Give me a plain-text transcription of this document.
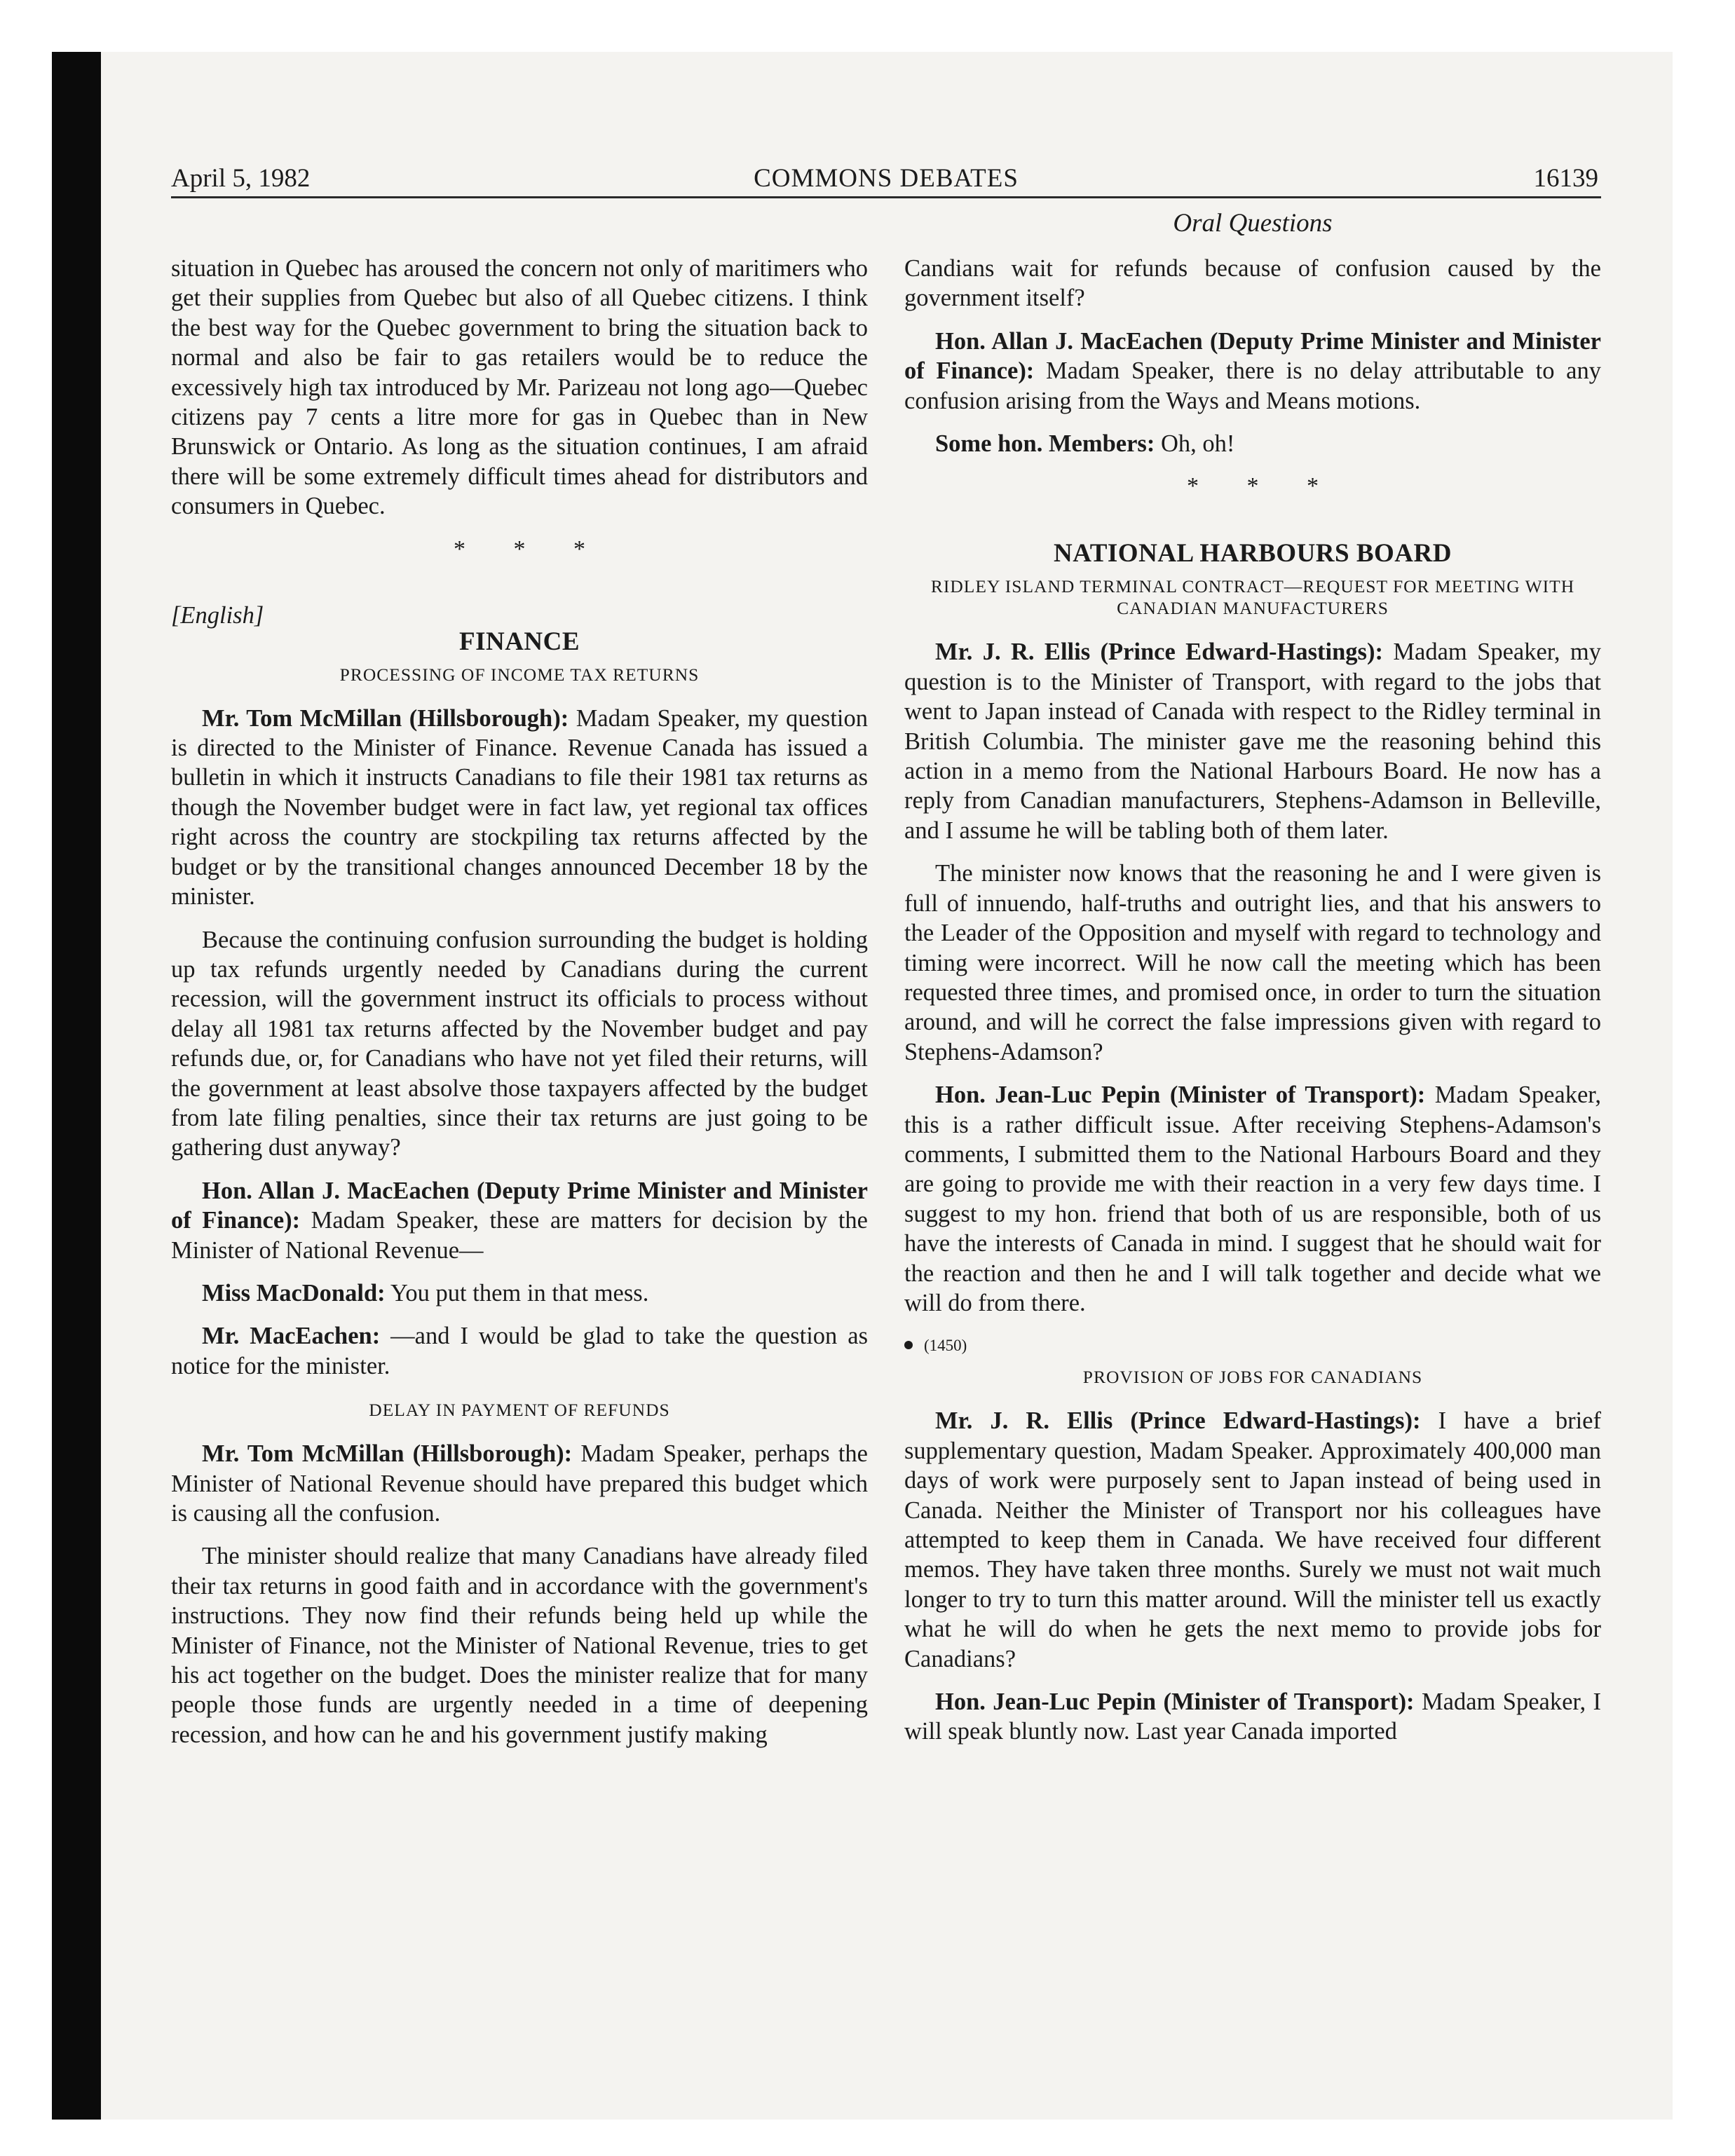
April 5, 1982	COMMONS DEBATES	16139
Oral Questions

situation in Quebec has aroused the concern not only of maritimers who get their supplies from Quebec but also of all Quebec citizens. I think the best way for the Quebec government to bring the situation back to normal and also be fair to gas retailers would be to reduce the excessively high tax introduced by Mr. Parizeau not long ago—Quebec citizens pay 7 cents a litre more for gas in Quebec than in New Brunswick or Ontario. As long as the situation continues, I am afraid there will be some extremely difficult times ahead for distributors and consumers in Quebec.

* * *
[English]
FINANCE
PROCESSING OF INCOME TAX RETURNS

Mr. Tom McMillan (Hillsborough): Madam Speaker, my question is directed to the Minister of Finance. Revenue Canada has issued a bulletin in which it instructs Canadians to file their 1981 tax returns as though the November budget were in fact law, yet regional tax offices right across the country are stockpiling tax returns affected by the budget or by the transitional changes announced December 18 by the minister.

Because the continuing confusion surrounding the budget is holding up tax refunds urgently needed by Canadians during the current recession, will the government instruct its officials to process without delay all 1981 tax returns affected by the November budget and pay refunds due, or, for Canadians who have not yet filed their returns, will the government at least absolve those taxpayers affected by the budget from late filing penalties, since their tax returns are just going to be gathering dust anyway?

Hon. Allan J. MacEachen (Deputy Prime Minister and Minister of Finance): Madam Speaker, these are matters for decision by the Minister of National Revenue—

Miss MacDonald: You put them in that mess.

Mr. MacEachen: —and I would be glad to take the question as notice for the minister.

DELAY IN PAYMENT OF REFUNDS

Mr. Tom McMillan (Hillsborough): Madam Speaker, perhaps the Minister of National Revenue should have prepared this budget which is causing all the confusion.

The minister should realize that many Canadians have already filed their tax returns in good faith and in accordance with the government's instructions. They now find their refunds being held up while the Minister of Finance, not the Minister of National Revenue, tries to get his act together on the budget. Does the minister realize that for many people those funds are urgently needed in a time of deepening recession, and how can he and his government justify making

Candians wait for refunds because of confusion caused by the government itself?

Hon. Allan J. MacEachen (Deputy Prime Minister and Minister of Finance): Madam Speaker, there is no delay attributable to any confusion arising from the Ways and Means motions.

Some hon. Members: Oh, oh!

* * *
NATIONAL HARBOURS BOARD
RIDLEY ISLAND TERMINAL CONTRACT—REQUEST FOR MEETING WITH CANADIAN MANUFACTURERS

Mr. J. R. Ellis (Prince Edward-Hastings): Madam Speaker, my question is to the Minister of Transport, with regard to the jobs that went to Japan instead of Canada with respect to the Ridley terminal in British Columbia. The minister gave me the reasoning behind this action in a memo from the National Harbours Board. He now has a reply from Canadian manufacturers, Stephens-Adamson in Belleville, and I assume he will be tabling both of them later.

The minister now knows that the reasoning he and I were given is full of innuendo, half-truths and outright lies, and that his answers to the Leader of the Opposition and myself with regard to technology and timing were incorrect. Will he now call the meeting which has been requested three times, and promised once, in order to turn the situation around, and will he correct the false impressions given with regard to Stephens-Adamson?

Hon. Jean-Luc Pepin (Minister of Transport): Madam Speaker, this is a rather difficult issue. After receiving Stephens-Adamson's comments, I submitted them to the National Harbours Board and they are going to provide me with their reaction in a very few days time. I suggest to my hon. friend that both of us are responsible, both of us have the interests of Canada in mind. I suggest that he should wait for the reaction and then he and I will talk together and decide what we will do from there.

(1450)
PROVISION OF JOBS FOR CANADIANS

Mr. J. R. Ellis (Prince Edward-Hastings): I have a brief supplementary question, Madam Speaker. Approximately 400,000 man days of work were purposely sent to Japan instead of being used in Canada. Neither the Minister of Transport nor his colleagues have attempted to keep them in Canada. We have received four different memos. They have taken three months. Surely we must not wait much longer to try to turn this matter around. Will the minister tell us exactly what he will do when he gets the next memo to provide jobs for Canadians?

Hon. Jean-Luc Pepin (Minister of Transport): Madam Speaker, I will speak bluntly now. Last year Canada imported
